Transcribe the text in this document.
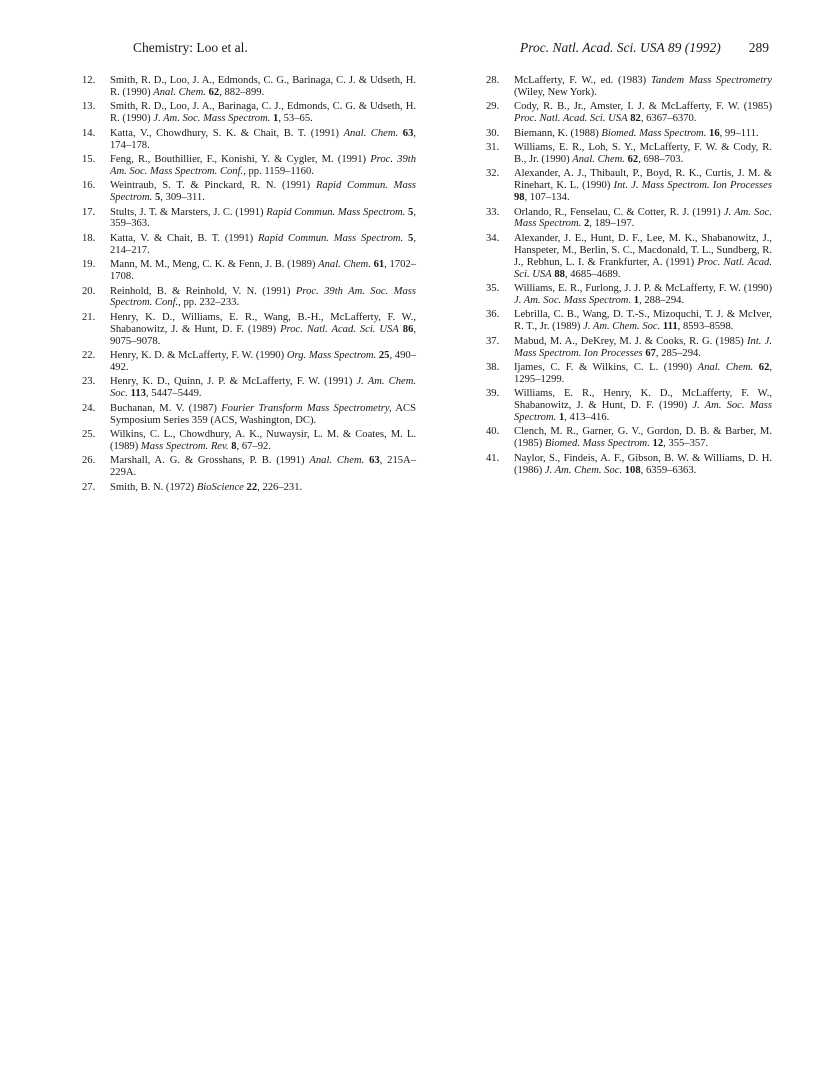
Chemistry: Loo et al.	Proc. Natl. Acad. Sci. USA 89 (1992) 289
12.	Smith, R. D., Loo, J. A., Edmonds, C. G., Barinaga, C. J. & Udseth, H. R. (1990) Anal. Chem. 62, 882–899.
13.	Smith, R. D., Loo, J. A., Barinaga, C. J., Edmonds, C. G. & Udseth, H. R. (1990) J. Am. Soc. Mass Spectrom. 1, 53–65.
14.	Katta, V., Chowdhury, S. K. & Chait, B. T. (1991) Anal. Chem. 63, 174–178.
15.	Feng, R., Bouthillier, F., Konishi, Y. & Cygler, M. (1991) Proc. 39th Am. Soc. Mass Spectrom. Conf., pp. 1159–1160.
16.	Weintraub, S. T. & Pinckard, R. N. (1991) Rapid Commun. Mass Spectrom. 5, 309–311.
17.	Stults, J. T. & Marsters, J. C. (1991) Rapid Commun. Mass Spectrom. 5, 359–363.
18.	Katta, V. & Chait, B. T. (1991) Rapid Commun. Mass Spectrom. 5, 214–217.
19.	Mann, M. M., Meng, C. K. & Fenn, J. B. (1989) Anal. Chem. 61, 1702–1708.
20.	Reinhold, B. & Reinhold, V. N. (1991) Proc. 39th Am. Soc. Mass Spectrom. Conf., pp. 232–233.
21.	Henry, K. D., Williams, E. R., Wang, B.-H., McLafferty, F. W., Shabanowitz, J. & Hunt, D. F. (1989) Proc. Natl. Acad. Sci. USA 86, 9075–9078.
22.	Henry, K. D. & McLafferty, F. W. (1990) Org. Mass Spectrom. 25, 490–492.
23.	Henry, K. D., Quinn, J. P. & McLafferty, F. W. (1991) J. Am. Chem. Soc. 113, 5447–5449.
24.	Buchanan, M. V. (1987) Fourier Transform Mass Spectrometry, ACS Symposium Series 359 (ACS, Washington, DC).
25.	Wilkins, C. L., Chowdhury, A. K., Nuwaysir, L. M. & Coates, M. L. (1989) Mass Spectrom. Rev. 8, 67–92.
26.	Marshall, A. G. & Grosshans, P. B. (1991) Anal. Chem. 63, 215A–229A.
27.	Smith, B. N. (1972) BioScience 22, 226–231.
28.	McLafferty, F. W., ed. (1983) Tandem Mass Spectrometry (Wiley, New York).
29.	Cody, R. B., Jr., Amster, I. J. & McLafferty, F. W. (1985) Proc. Natl. Acad. Sci. USA 82, 6367–6370.
30.	Biemann, K. (1988) Biomed. Mass Spectrom. 16, 99–111.
31.	Williams, E. R., Loh, S. Y., McLafferty, F. W. & Cody, R. B., Jr. (1990) Anal. Chem. 62, 698–703.
32.	Alexander, A. J., Thibault, P., Boyd, R. K., Curtis, J. M. & Rinehart, K. L. (1990) Int. J. Mass Spectrom. Ion Processes 98, 107–134.
33.	Orlando, R., Fenselau, C. & Cotter, R. J. (1991) J. Am. Soc. Mass Spectrom. 2, 189–197.
34.	Alexander, J. E., Hunt, D. F., Lee, M. K., Shabanowitz, J., Hanspeter, M., Berlin, S. C., Macdonald, T. L., Sundberg, R. J., Rebhun, L. I. & Frankfurter, A. (1991) Proc. Natl. Acad. Sci. USA 88, 4685–4689.
35.	Williams, E. R., Furlong, J. J. P. & McLafferty, F. W. (1990) J. Am. Soc. Mass Spectrom. 1, 288–294.
36.	Lebrilla, C. B., Wang, D. T.-S., Mizoquchi, T. J. & McIver, R. T., Jr. (1989) J. Am. Chem. Soc. 111, 8593–8598.
37.	Mabud, M. A., DeKrey, M. J. & Cooks, R. G. (1985) Int. J. Mass Spectrom. Ion Processes 67, 285–294.
38.	Ijames, C. F. & Wilkins, C. L. (1990) Anal. Chem. 62, 1295–1299.
39.	Williams, E. R., Henry, K. D., McLafferty, F. W., Shabanowitz, J. & Hunt, D. F. (1990) J. Am. Soc. Mass Spectrom. 1, 413–416.
40.	Clench, M. R., Garner, G. V., Gordon, D. B. & Barber, M. (1985) Biomed. Mass Spectrom. 12, 355–357.
41.	Naylor, S., Findeis, A. F., Gibson, B. W. & Williams, D. H. (1986) J. Am. Chem. Soc. 108, 6359–6363.
